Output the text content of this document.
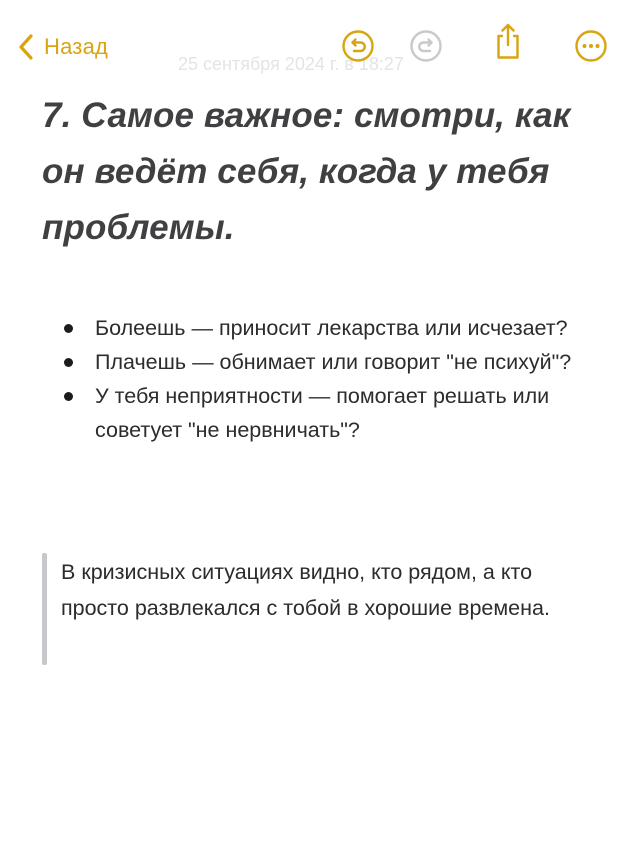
Назад
25 сентября 2024 г. в 18:27
7. Самое важное: смотри, как он ведёт себя, когда у тебя проблемы.
Болеешь — приносит лекарства или исчезает?
Плачешь — обнимает или говорит "не психуй"?
У тебя неприятности — помогает решать или советует "не нервничать"?
В кризисных ситуациях видно, кто рядом, а кто просто развлекался с тобой в хорошие времена.
